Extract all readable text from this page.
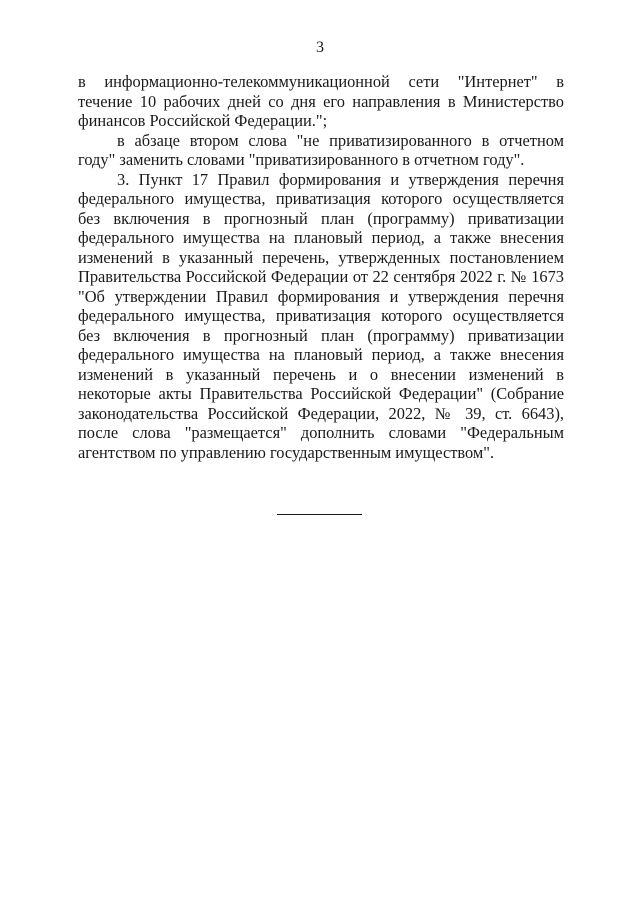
3

в информационно-телекоммуникационной сети "Интернет" в течение 10 рабочих дней со дня его направления в Министерство финансов Российской Федерации.";

в абзаце втором слова "не приватизированного в отчетном году" заменить словами "приватизированного в отчетном году".

3. Пункт 17 Правил формирования и утверждения перечня федерального имущества, приватизация которого осуществляется без включения в прогнозный план (программу) приватизации федерального имущества на плановый период, а также внесения изменений в указанный перечень, утвержденных постановлением Правительства Российской Федерации от 22 сентября 2022 г. № 1673 "Об утверждении Правил формирования и утверждения перечня федерального имущества, приватизация которого осуществляется без включения в прогнозный план (программу) приватизации федерального имущества на плановый период, а также внесения изменений в указанный перечень и о внесении изменений в некоторые акты Правительства Российской Федерации" (Собрание законодательства Российской Федерации, 2022, № 39, ст. 6643), после слова "размещается" дополнить словами "Федеральным агентством по управлению государственным имуществом".
